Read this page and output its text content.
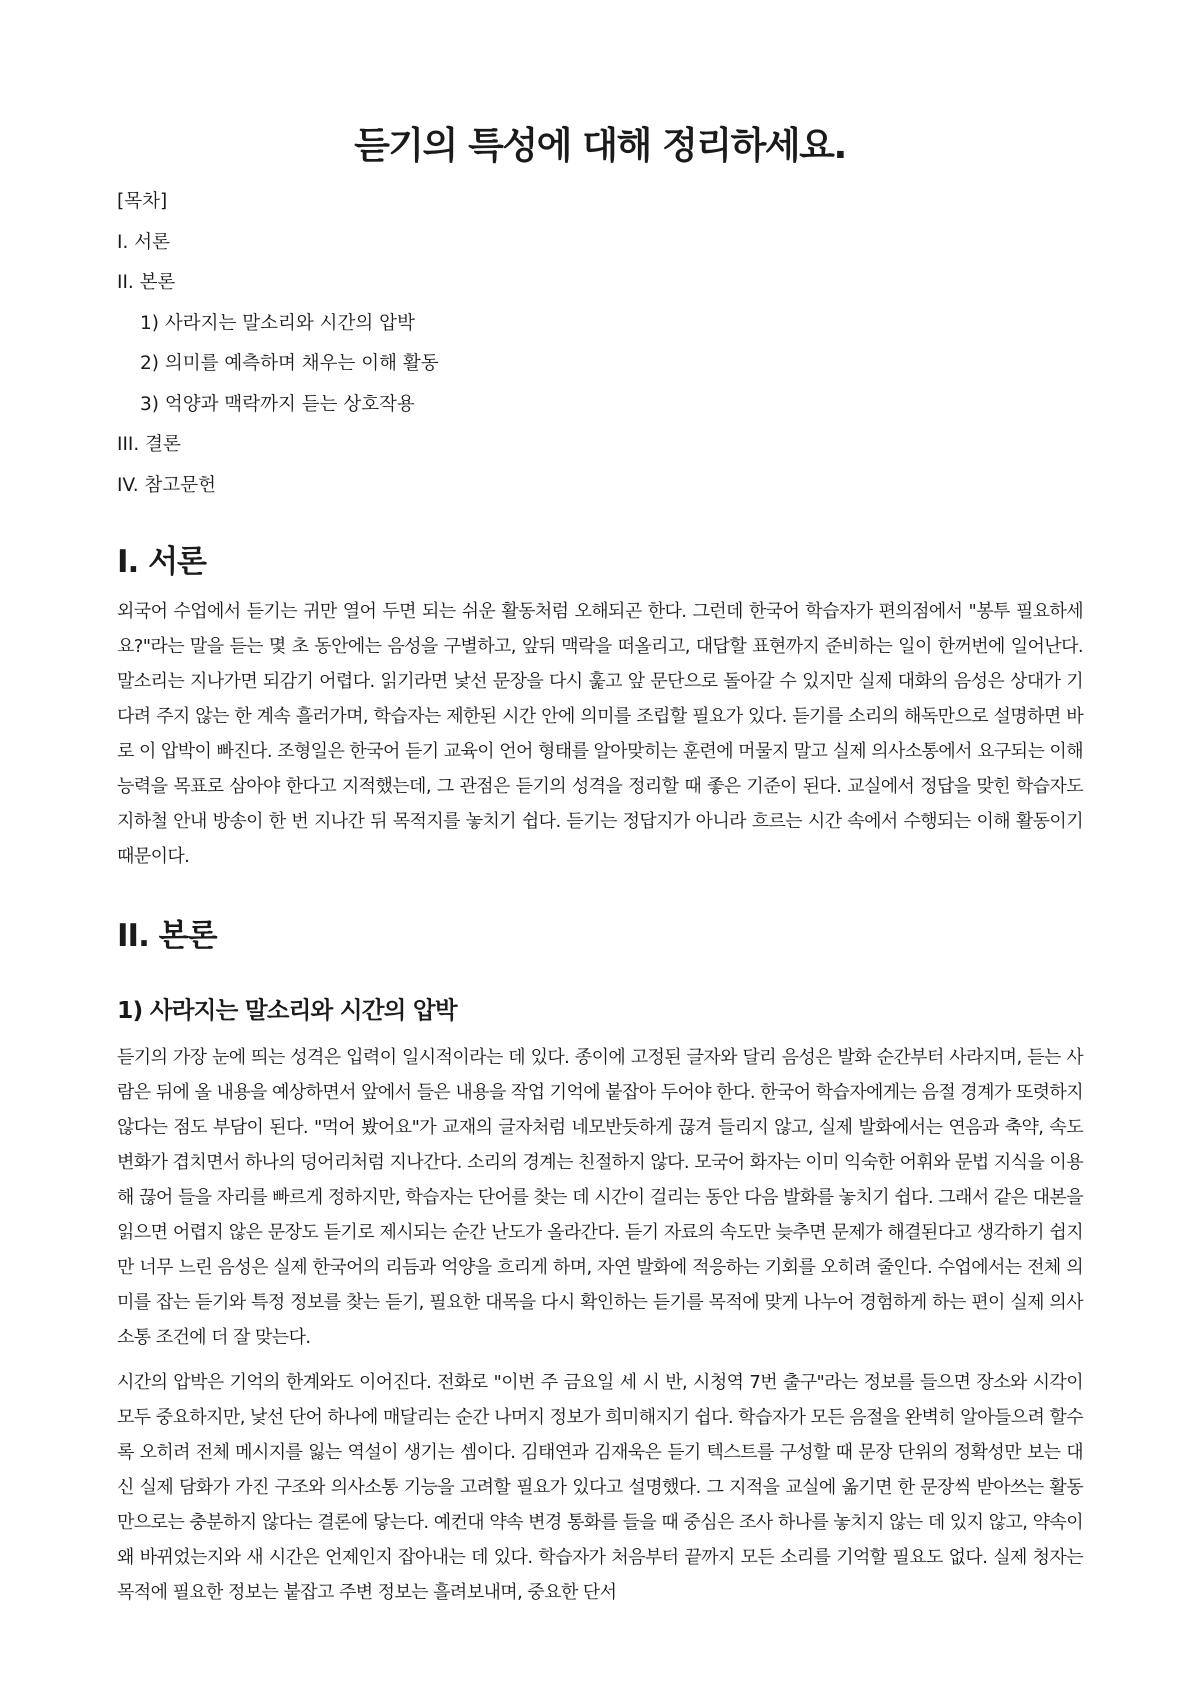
듣기의 특성에 대해 정리하세요.
[목차]
I. 서론
II. 본론
1) 사라지는 말소리와 시간의 압박
2) 의미를 예측하며 채우는 이해 활동
3) 억양과 맥락까지 듣는 상호작용
III. 결론
IV. 참고문헌
I. 서론

외국어 수업에서 듣기는 귀만 열어 두면 되는 쉬운 활동처럼 오해되곤 한다. 그런데 한국어 학습자가 편의점에서 "봉투 필요하세요?"라는 말을 듣는 몇 초 동안에는 음성을 구별하고, 앞뒤 맥락을 떠올리고, 대답할 표현까지 준비하는 일이 한꺼번에 일어난다. 말소리는 지나가면 되감기 어렵다. 읽기라면 낯선 문장을 다시 훑고 앞 문단으로 돌아갈 수 있지만 실제 대화의 음성은 상대가 기다려 주지 않는 한 계속 흘러가며, 학습자는 제한된 시간 안에 의미를 조립할 필요가 있다. 듣기를 소리의 해독만으로 설명하면 바로 이 압박이 빠진다. 조형일은 한국어 듣기 교육이 언어 형태를 알아맞히는 훈련에 머물지 말고 실제 의사소통에서 요구되는 이해 능력을 목표로 삼아야 한다고 지적했는데, 그 관점은 듣기의 성격을 정리할 때 좋은 기준이 된다. 교실에서 정답을 맞힌 학습자도 지하철 안내 방송이 한 번 지나간 뒤 목적지를 놓치기 쉽다. 듣기는 정답지가 아니라 흐르는 시간 속에서 수행되는 이해 활동이기 때문이다.

II. 본론
1) 사라지는 말소리와 시간의 압박

듣기의 가장 눈에 띄는 성격은 입력이 일시적이라는 데 있다. 종이에 고정된 글자와 달리 음성은 발화 순간부터 사라지며, 듣는 사람은 뒤에 올 내용을 예상하면서 앞에서 들은 내용을 작업 기억에 붙잡아 두어야 한다. 한국어 학습자에게는 음절 경계가 또렷하지 않다는 점도 부담이 된다. "먹어 봤어요"가 교재의 글자처럼 네모반듯하게 끊겨 들리지 않고, 실제 발화에서는 연음과 축약, 속도 변화가 겹치면서 하나의 덩어리처럼 지나간다. 소리의 경계는 친절하지 않다. 모국어 화자는 이미 익숙한 어휘와 문법 지식을 이용해 끊어 들을 자리를 빠르게 정하지만, 학습자는 단어를 찾는 데 시간이 걸리는 동안 다음 발화를 놓치기 쉽다. 그래서 같은 대본을 읽으면 어렵지 않은 문장도 듣기로 제시되는 순간 난도가 올라간다. 듣기 자료의 속도만 늦추면 문제가 해결된다고 생각하기 쉽지만 너무 느린 음성은 실제 한국어의 리듬과 억양을 흐리게 하며, 자연 발화에 적응하는 기회를 오히려 줄인다. 수업에서는 전체 의미를 잡는 듣기와 특정 정보를 찾는 듣기, 필요한 대목을 다시 확인하는 듣기를 목적에 맞게 나누어 경험하게 하는 편이 실제 의사소통 조건에 더 잘 맞는다.

시간의 압박은 기억의 한계와도 이어진다. 전화로 "이번 주 금요일 세 시 반, 시청역 7번 출구"라는 정보를 들으면 장소와 시각이 모두 중요하지만, 낯선 단어 하나에 매달리는 순간 나머지 정보가 희미해지기 쉽다. 학습자가 모든 음절을 완벽히 알아들으려 할수록 오히려 전체 메시지를 잃는 역설이 생기는 셈이다. 김태연과 김재욱은 듣기 텍스트를 구성할 때 문장 단위의 정확성만 보는 대신 실제 담화가 가진 구조와 의사소통 기능을 고려할 필요가 있다고 설명했다. 그 지적을 교실에 옮기면 한 문장씩 받아쓰는 활동만으로는 충분하지 않다는 결론에 닿는다. 예컨대 약속 변경 통화를 들을 때 중심은 조사 하나를 놓치지 않는 데 있지 않고, 약속이 왜 바뀌었는지와 새 시간은 언제인지 잡아내는 데 있다. 학습자가 처음부터 끝까지 모든 소리를 기억할 필요도 없다. 실제 청자는 목적에 필요한 정보는 붙잡고 주변 정보는 흘려보내며, 중요한 단서
